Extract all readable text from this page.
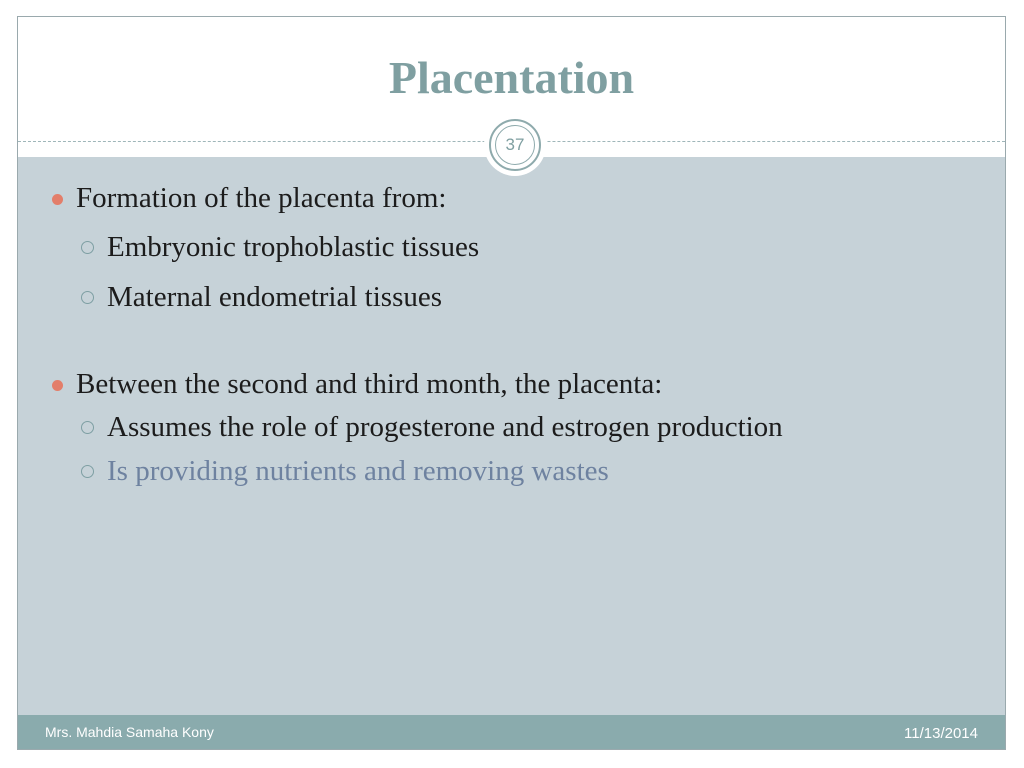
Placentation
Formation of the placenta from:
Embryonic trophoblastic tissues
Maternal endometrial tissues
Between the second and third month, the placenta:
Assumes the role of progesterone and estrogen production
Is providing nutrients and removing wastes
37
Mrs. Mahdia Samaha Kony	11/13/2014
